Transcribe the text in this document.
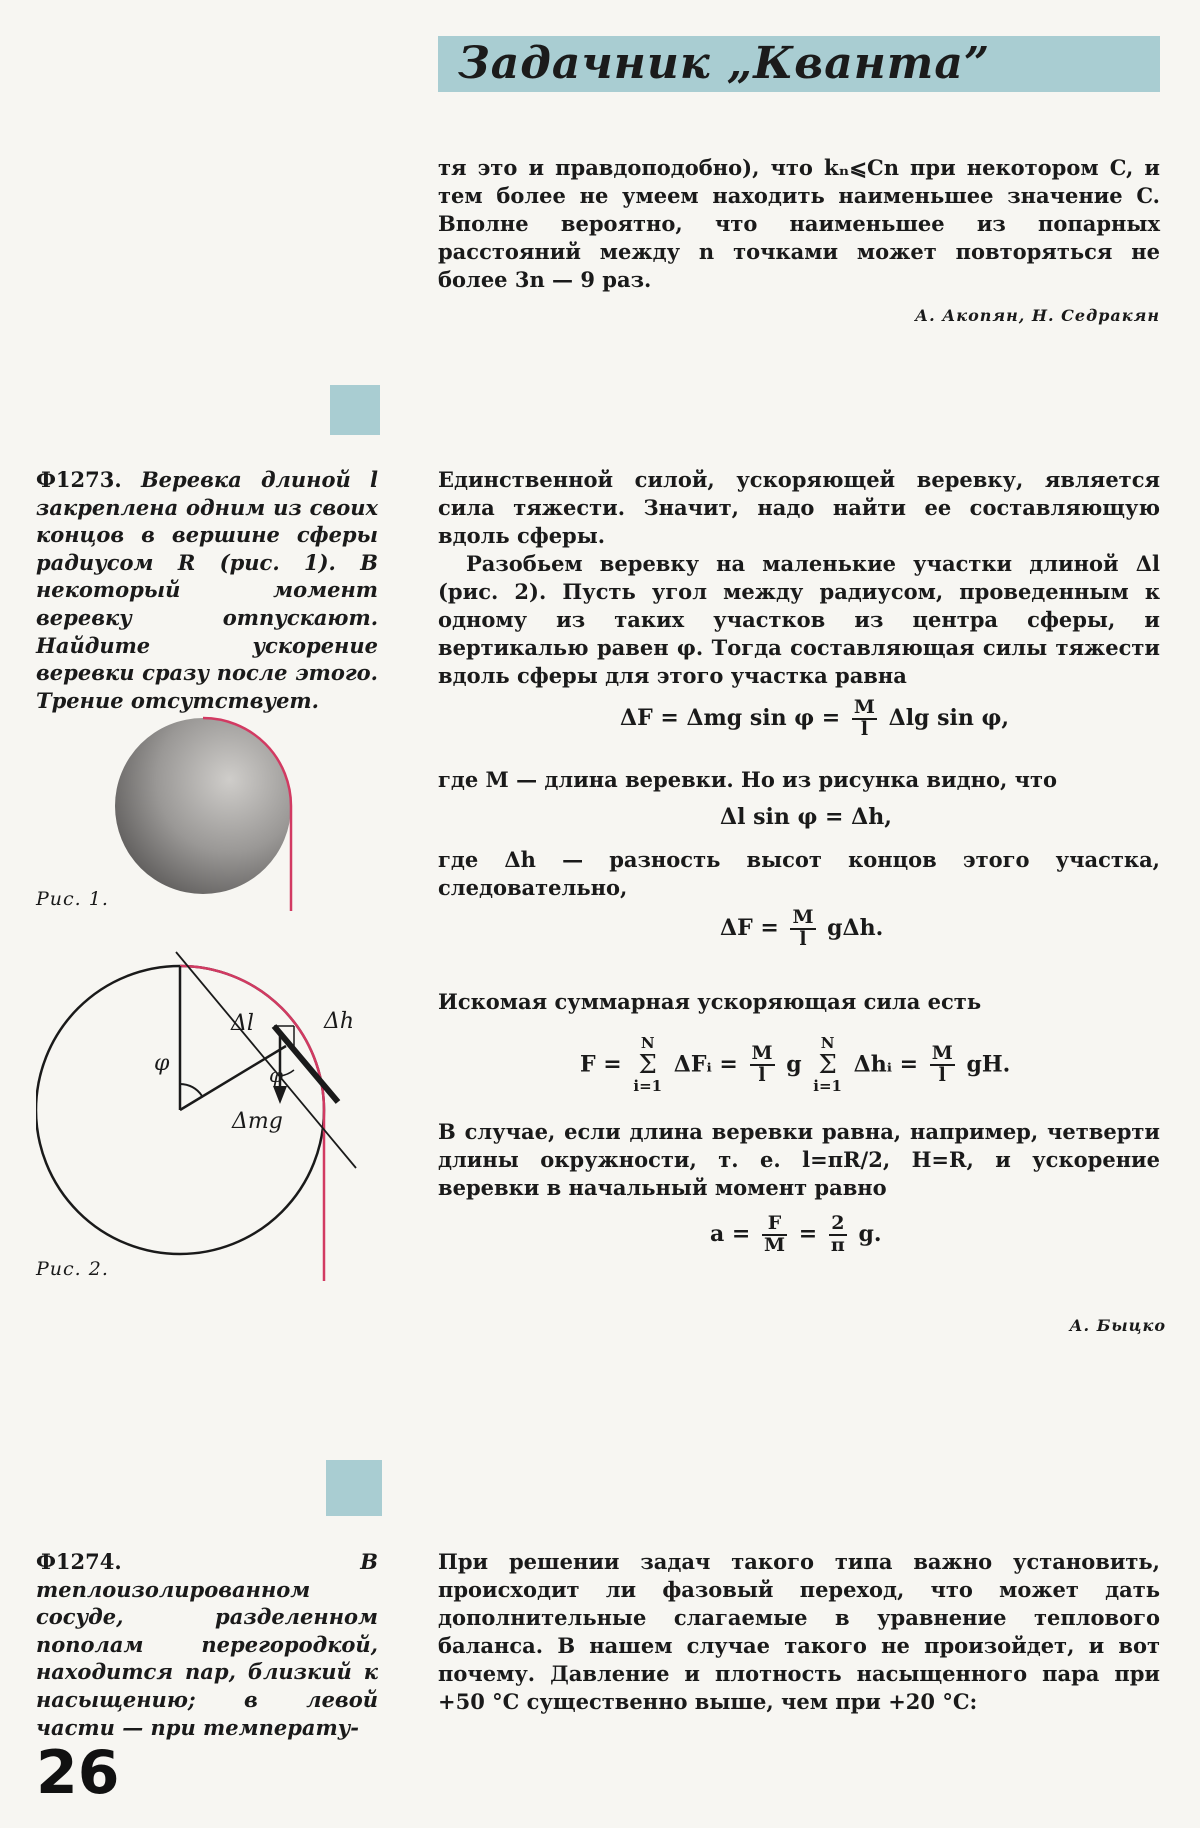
Задачник „Кванта”
тя это и правдоподобно), что kₙ⩽Cn при некотором C, и тем более не умеем находить наименьшее значение C. Вполне вероятно, что наименьшее из попарных расстояний между n точками может повторяться не более 3n — 9 раз.
А. Акопян, Н. Седракян
Ф1273. Веревка длиной l закреплена одним из своих концов в вершине сферы радиусом R (рис. 1). В некоторый момент веревку отпускают. Найдите ускорение веревки сразу после этого. Трение отсутствует.
Рис. 1.
φ
Δl	Δh
φ
Δmg
Рис. 2.
Единственной силой, ускоряющей веревку, является сила тяжести. Значит, надо найти ее составляющую вдоль сферы.
Разобьем веревку на маленькие участки длиной Δl (рис. 2). Пусть угол между радиусом, проведенным к одному из таких участков из центра сферы, и вертикалью равен φ. Тогда составляющая силы тяжести вдоль сферы для этого участка равна
ΔF = Δmg $\sin \varphi = \frac{M}{l}$ Δlg sin φ,
где M — длина веревки. Но из рисунка видно, что
Δl sin φ = Δh,
где Δh — разность высот концов этого участка, следовательно,
$\Delta F = \frac{M}{l} g\Delta h$.
Искомая суммарная ускоряющая сила есть
F = N
Σ
i=1 ΔFᵢ = $\frac{M}{l}$ g N
Σ
i=1 Δhᵢ = $\frac{M}{l}$ gH.
В случае, если длина веревки равна, например, четверти длины окружности, т. е. l=πR/2, H=R, и ускорение веревки в начальный момент равно
$a = \frac{F}{M} = \frac{2}{\pi} g$.
А. Быцко
Ф1274.	В теплоизолированном сосуде, разделенном пополам перегородкой, находится пар, близкий к насыщению; в левой части — при температу-
При решении задач такого типа важно установить, происходит ли фазовый переход, что может дать дополнительные слагаемые в уравнение теплового баланса. В нашем случае такого не произойдет, и вот почему. Давление и плотность насыщенного пара при +50 °C существенно выше, чем при +20 °C:
26
